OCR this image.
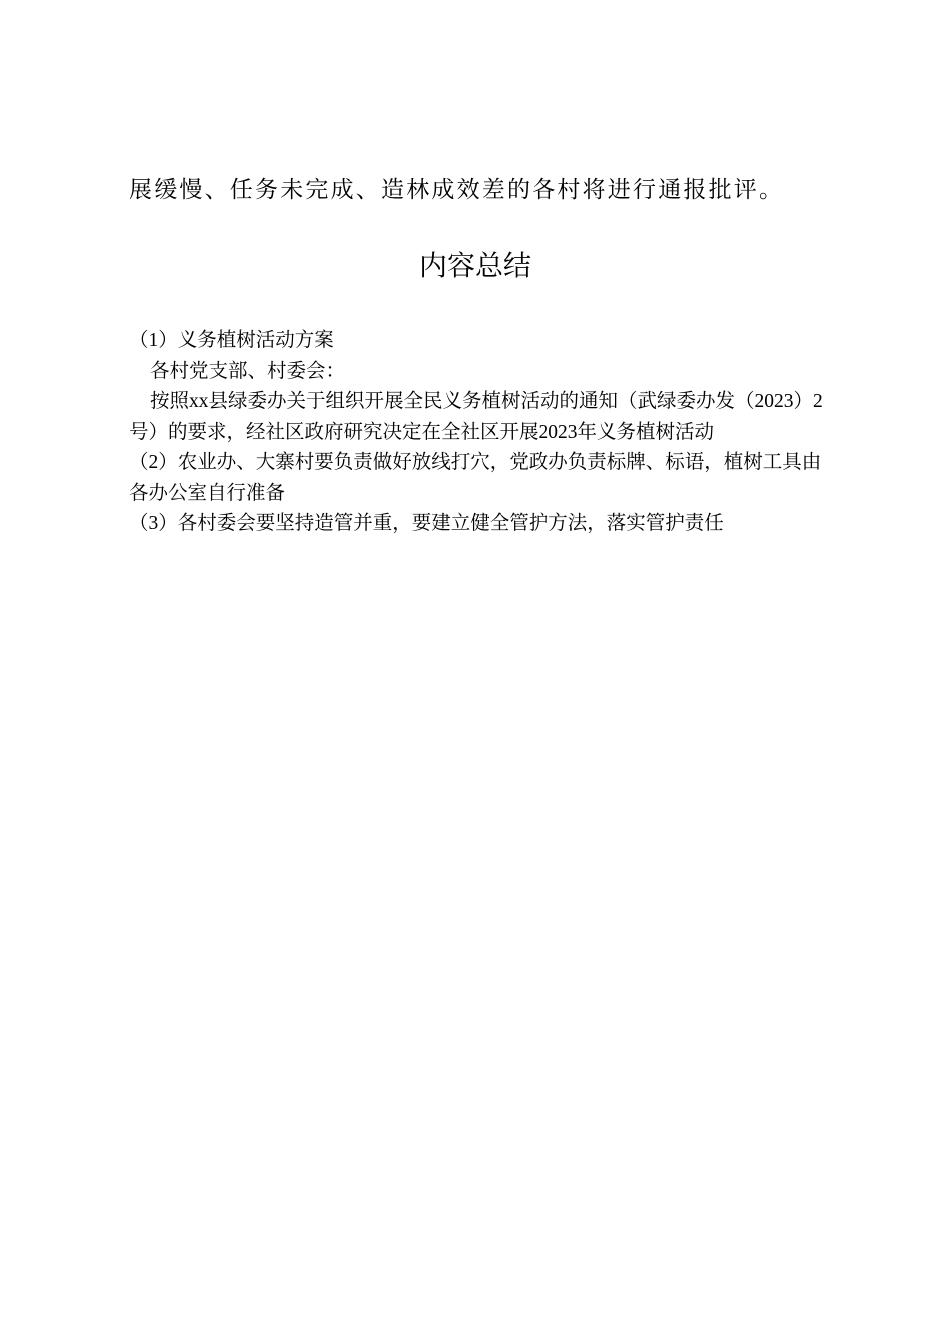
展缓慢、任务未完成、造林成效差的各村将进行通报批评。
内容总结

（1）义务植树活动方案

各村党支部、村委会：

按照xx县绿委办关于组织开展全民义务植树活动的通知（武绿委办发（2023）2号）的要求，经社区政府研究决定在全社区开展2023年义务植树活动

（2）农业办、大寨村要负责做好放线打穴，党政办负责标牌、标语，植树工具由各办公室自行准备

（3）各村委会要坚持造管并重，要建立健全管护方法，落实管护责任
